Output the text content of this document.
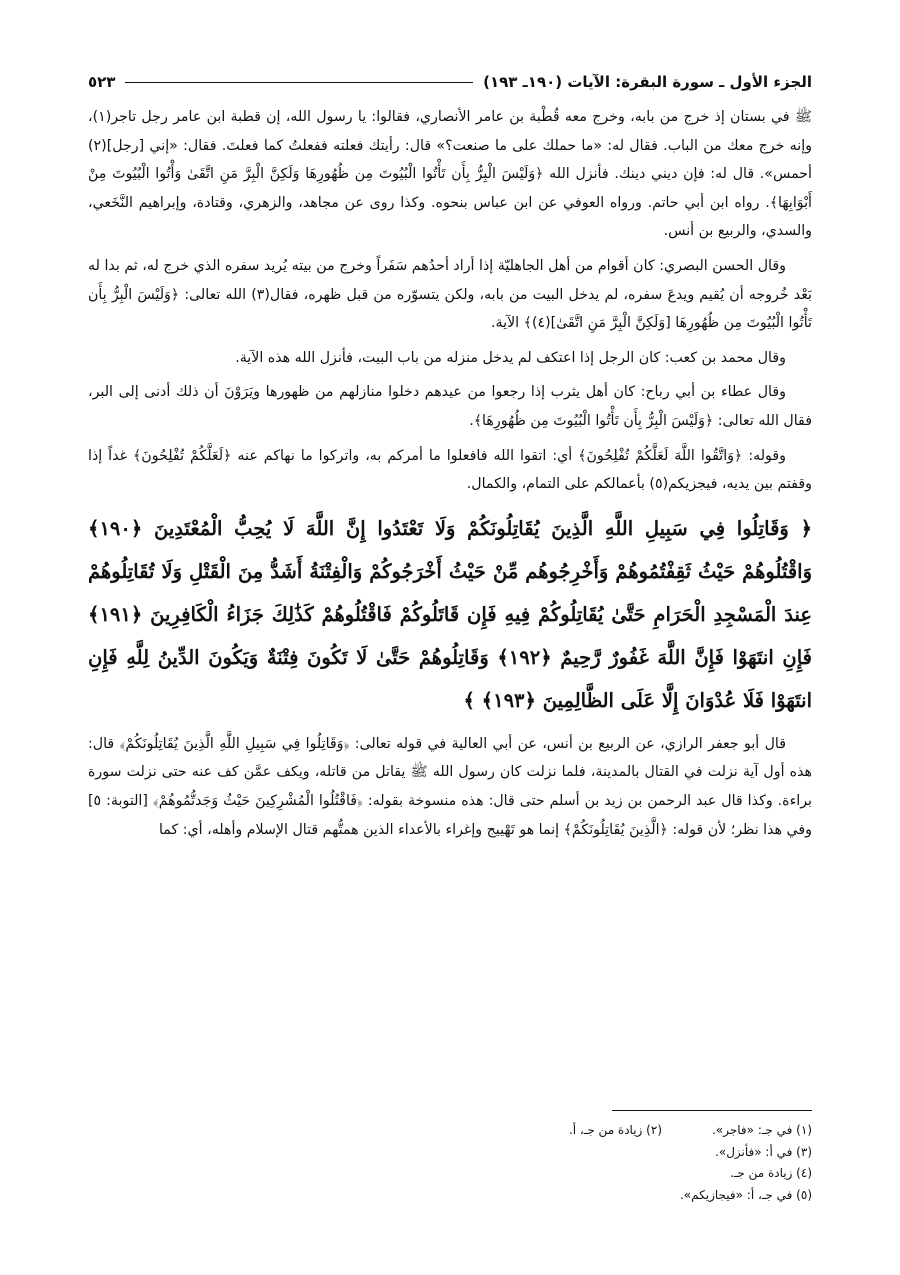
الجزء الأول ـ سورة البقرة: الآيات (١٩٠ـ ١٩٣)
٥٢٣

ﷺ في بستان إذ خرج من بابه، وخرج معه قُطْبة بن عامر الأنصاري، فقالوا: يا رسول الله، إن قطبة ابن عامر رجل تاجر(١)، وإنه خرج معك من الباب. فقال له: «ما حملك على ما صنعت؟» قال: رأيتك فعلته ففعلتُ كما فعلتَ. فقال: «إني [رجل](٢) أحمس». قال له: فإن ديني دينك. فأنزل الله ﴿وَلَيْسَ الْبِرُّ بِأَن تَأْتُوا الْبُيُوتَ مِن ظُهُورِهَا وَلَكِنَّ الْبِرَّ مَنِ اتَّقَىٰ وَأْتُوا الْبُيُوتَ مِنْ أَبْوَابِهَا﴾. رواه ابن أبي حاتم. ورواه العوفي عن ابن عباس بنحوه. وكذا روى عن مجاهد، والزهري، وقتادة، وإبراهيم النَّخَعي، والسدي، والربيع بن أنس.

وقال الحسن البصري: كان أقوام من أهل الجاهليّة إذا أراد أحدُهم سَفَراً وخرج من بيته يُريد سفره الذي خرج له، ثم بدا له بَعْد خُروجه أن يُقيم ويدعَ سفره، لم يدخل البيت من بابه، ولكن يتسوّره من قبل ظهره، فقال(٣) الله تعالى: ﴿وَلَيْسَ الْبِرُّ بِأَن تَأْتُوا الْبُيُوتَ مِن ظُهُورِهَا [وَلَكِنَّ الْبِرَّ مَنِ اتَّقَىٰ](٤)﴾ الآية.

وقال محمد بن كعب: كان الرجل إذا اعتكف لم يدخل منزله من باب البيت، فأنزل الله هذه الآية.

وقال عطاء بن أبي رباح: كان أهل يثرب إذا رجعوا من عيدهم دخلوا منازلهم من ظهورها ويَرَوْنَ أن ذلك أدنى إلى البر، فقال الله تعالى: ﴿وَلَيْسَ الْبِرُّ بِأَن تَأْتُوا الْبُيُوتَ مِن ظُهُورِهَا﴾.

وقوله: ﴿وَاتَّقُوا اللَّهَ لَعَلَّكُمْ تُفْلِحُونَ﴾ أي: اتقوا الله فافعلوا ما أمركم به، واتركوا ما نهاكم عنه ﴿لَعَلَّكُمْ تُفْلِحُونَ﴾ غداً إذا وقفتم بين يديه، فيجزيكم(٥) بأعمالكم على التمام، والكمال.

﴿ وَقَاتِلُوا فِي سَبِيلِ اللَّهِ الَّذِينَ يُقَاتِلُونَكُمْ وَلَا تَعْتَدُوا إِنَّ اللَّهَ لَا يُحِبُّ الْمُعْتَدِينَ ﴿١٩٠﴾ وَاقْتُلُوهُمْ حَيْثُ ثَقِفْتُمُوهُمْ وَأَخْرِجُوهُم مِّنْ حَيْثُ أَخْرَجُوكُمْ وَالْفِتْنَةُ أَشَدُّ مِنَ الْقَتْلِ وَلَا تُقَاتِلُوهُمْ عِندَ الْمَسْجِدِ الْحَرَامِ حَتَّىٰ يُقَاتِلُوكُمْ فِيهِ فَإِن قَاتَلُوكُمْ فَاقْتُلُوهُمْ كَذَٰلِكَ جَزَاءُ الْكَافِرِينَ ﴿١٩١﴾ فَإِنِ انتَهَوْا فَإِنَّ اللَّهَ غَفُورٌ رَّحِيمٌ ﴿١٩٢﴾ وَقَاتِلُوهُمْ حَتَّىٰ لَا تَكُونَ فِتْنَةٌ وَيَكُونَ الدِّينُ لِلَّهِ فَإِنِ انتَهَوْا فَلَا عُدْوَانَ إِلَّا عَلَى الظَّالِمِينَ ﴿١٩٣﴾ ﴾

قال أبو جعفر الرازي، عن الربيع بن أنس، عن أبي العالية في قوله تعالى: ﴿وَقَاتِلُوا فِي سَبِيلِ اللَّهِ الَّذِينَ يُقَاتِلُونَكُمْ﴾ قال: هذه أول آية نزلت في القتال بالمدينة، فلما نزلت كان رسول الله ﷺ يقاتل من قاتله، ويكف عمَّن كف عنه حتى نزلت سورة براءة. وكذا قال عبد الرحمن بن زيد بن أسلم حتى قال: هذه منسوخة بقوله: ﴿فَاقْتُلُوا الْمُشْرِكِينَ حَيْثُ وَجَدتُّمُوهُمْ﴾ [التوبة: ٥] وفي هذا نظر؛ لأن قوله: ﴿الَّذِينَ يُقَاتِلُونَكُمْ﴾ إنما هو تَهْييج وإغراء بالأعداء الذين همتُّهم قتال الإسلام وأهله، أي: كما

(١) في جـ: «فاجر».
(٢) زيادة من جـ، أ.
(٣) في أ: «فأنزل».
(٤) زيادة من جـ.
(٥) في جـ، أ: «فيجازيكم».
